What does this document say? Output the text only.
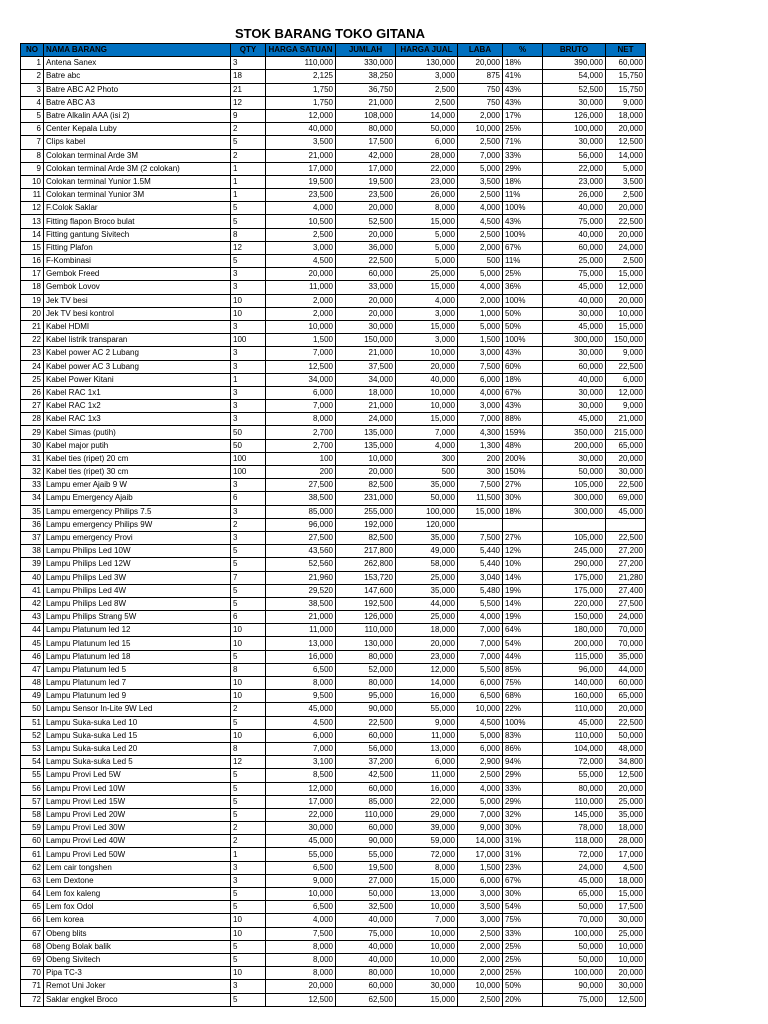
STOK BARANG TOKO GITANA
NO	NAMA BARANG	QTY	HARGA SATUAN	JUMLAH	HARGA JUAL	LABA	%	BRUTO	NET
1	Antena Sanex	3	110,000	330,000	130,000	20,000	18%	390,000	60,000
2	Batre abc	18	2,125	38,250	3,000	875	41%	54,000	15,750
3	Batre ABC A2 Photo	21	1,750	36,750	2,500	750	43%	52,500	15,750
4	Batre ABC A3	12	1,750	21,000	2,500	750	43%	30,000	9,000
5	Batre Alkalin AAA (isi 2)	9	12,000	108,000	14,000	2,000	17%	126,000	18,000
6	Center Kepala Luby	2	40,000	80,000	50,000	10,000	25%	100,000	20,000
7	Clips kabel	5	3,500	17,500	6,000	2,500	71%	30,000	12,500
8	Colokan terminal Arde 3M	2	21,000	42,000	28,000	7,000	33%	56,000	14,000
9	Colokan terminal Arde 3M (2 colokan)	1	17,000	17,000	22,000	5,000	29%	22,000	5,000
10	Colokan terminal Yunior 1.5M	1	19,500	19,500	23,000	3,500	18%	23,000	3,500
11	Colokan terminal Yunior 3M	1	23,500	23,500	26,000	2,500	11%	26,000	2,500
12	F.Colok Saklar	5	4,000	20,000	8,000	4,000	100%	40,000	20,000
13	Fitting flapon Broco bulat	5	10,500	52,500	15,000	4,500	43%	75,000	22,500
14	Fitting gantung Sivitech	8	2,500	20,000	5,000	2,500	100%	40,000	20,000
15	Fitting Plafon	12	3,000	36,000	5,000	2,000	67%	60,000	24,000
16	F-Kombinasi	5	4,500	22,500	5,000	500	11%	25,000	2,500
17	Gembok Freed	3	20,000	60,000	25,000	5,000	25%	75,000	15,000
18	Gembok Lovov	3	11,000	33,000	15,000	4,000	36%	45,000	12,000
19	Jek TV besi	10	2,000	20,000	4,000	2,000	100%	40,000	20,000
20	Jek TV besi kontrol	10	2,000	20,000	3,000	1,000	50%	30,000	10,000
21	Kabel HDMI	3	10,000	30,000	15,000	5,000	50%	45,000	15,000
22	Kabel listrik transparan	100	1,500	150,000	3,000	1,500	100%	300,000	150,000
23	Kabel power AC 2 Lubang	3	7,000	21,000	10,000	3,000	43%	30,000	9,000
24	Kabel power AC 3 Lubang	3	12,500	37,500	20,000	7,500	60%	60,000	22,500
25	Kabel Power Kitani	1	34,000	34,000	40,000	6,000	18%	40,000	6,000
26	Kabel RAC 1x1	3	6,000	18,000	10,000	4,000	67%	30,000	12,000
27	Kabel RAC 1x2	3	7,000	21,000	10,000	3,000	43%	30,000	9,000
28	Kabel RAC 1x3	3	8,000	24,000	15,000	7,000	88%	45,000	21,000
29	Kabel Simas (putih)	50	2,700	135,000	7,000	4,300	159%	350,000	215,000
30	Kabel major putih	50	2,700	135,000	4,000	1,300	48%	200,000	65,000
31	Kabel ties (ripet) 20 cm	100	100	10,000	300	200	200%	30,000	20,000
32	Kabel ties (ripet) 30 cm	100	200	20,000	500	300	150%	50,000	30,000
33	Lampu emer Ajaib 9 W	3	27,500	82,500	35,000	7,500	27%	105,000	22,500
34	Lampu Emergency Ajaib	6	38,500	231,000	50,000	11,500	30%	300,000	69,000
35	Lampu emergency Philips 7.5	3	85,000	255,000	100,000	15,000	18%	300,000	45,000
36	Lampu emergency Philips 9W	2	96,000	192,000	120,000				
37	Lampu emergency Provi	3	27,500	82,500	35,000	7,500	27%	105,000	22,500
38	Lampu Philips Led 10W	5	43,560	217,800	49,000	5,440	12%	245,000	27,200
39	Lampu Philips Led 12W	5	52,560	262,800	58,000	5,440	10%	290,000	27,200
40	Lampu Philips Led 3W	7	21,960	153,720	25,000	3,040	14%	175,000	21,280
41	Lampu Philips Led 4W	5	29,520	147,600	35,000	5,480	19%	175,000	27,400
42	Lampu Philips Led 8W	5	38,500	192,500	44,000	5,500	14%	220,000	27,500
43	Lampu Philips Strang 5W	6	21,000	126,000	25,000	4,000	19%	150,000	24,000
44	Lampu Platunum led 12	10	11,000	110,000	18,000	7,000	64%	180,000	70,000
45	Lampu Platunum led 15	10	13,000	130,000	20,000	7,000	54%	200,000	70,000
46	Lampu Platunum led 18	5	16,000	80,000	23,000	7,000	44%	115,000	35,000
47	Lampu Platunum led 5	8	6,500	52,000	12,000	5,500	85%	96,000	44,000
48	Lampu Platunum led 7	10	8,000	80,000	14,000	6,000	75%	140,000	60,000
49	Lampu Platunum led 9	10	9,500	95,000	16,000	6,500	68%	160,000	65,000
50	Lampu Sensor In-Lite 9W Led	2	45,000	90,000	55,000	10,000	22%	110,000	20,000
51	Lampu Suka-suka Led 10	5	4,500	22,500	9,000	4,500	100%	45,000	22,500
52	Lampu Suka-suka Led 15	10	6,000	60,000	11,000	5,000	83%	110,000	50,000
53	Lampu Suka-suka Led 20	8	7,000	56,000	13,000	6,000	86%	104,000	48,000
54	Lampu Suka-suka Led 5	12	3,100	37,200	6,000	2,900	94%	72,000	34,800
55	Lampu Provi Led 5W	5	8,500	42,500	11,000	2,500	29%	55,000	12,500
56	Lampu Provi Led 10W	5	12,000	60,000	16,000	4,000	33%	80,000	20,000
57	Lampu Provi Led 15W	5	17,000	85,000	22,000	5,000	29%	110,000	25,000
58	Lampu Provi Led 20W	5	22,000	110,000	29,000	7,000	32%	145,000	35,000
59	Lampu Provi Led 30W	2	30,000	60,000	39,000	9,000	30%	78,000	18,000
60	Lampu Provi Led 40W	2	45,000	90,000	59,000	14,000	31%	118,000	28,000
61	Lampu Provi Led 50W	1	55,000	55,000	72,000	17,000	31%	72,000	17,000
62	Lem cair tongshen	3	6,500	19,500	8,000	1,500	23%	24,000	4,500
63	Lem Dextone	3	9,000	27,000	15,000	6,000	67%	45,000	18,000
64	Lem fox kaleng	5	10,000	50,000	13,000	3,000	30%	65,000	15,000
65	Lem fox Odol	5	6,500	32,500	10,000	3,500	54%	50,000	17,500
66	Lem korea	10	4,000	40,000	7,000	3,000	75%	70,000	30,000
67	Obeng blits	10	7,500	75,000	10,000	2,500	33%	100,000	25,000
68	Obeng Bolak balik	5	8,000	40,000	10,000	2,000	25%	50,000	10,000
69	Obeng Sivitech	5	8,000	40,000	10,000	2,000	25%	50,000	10,000
70	Pipa TC-3	10	8,000	80,000	10,000	2,000	25%	100,000	20,000
71	Remot Uni Joker	3	20,000	60,000	30,000	10,000	50%	90,000	30,000
72	Saklar engkel Broco	5	12,500	62,500	15,000	2,500	20%	75,000	12,500
